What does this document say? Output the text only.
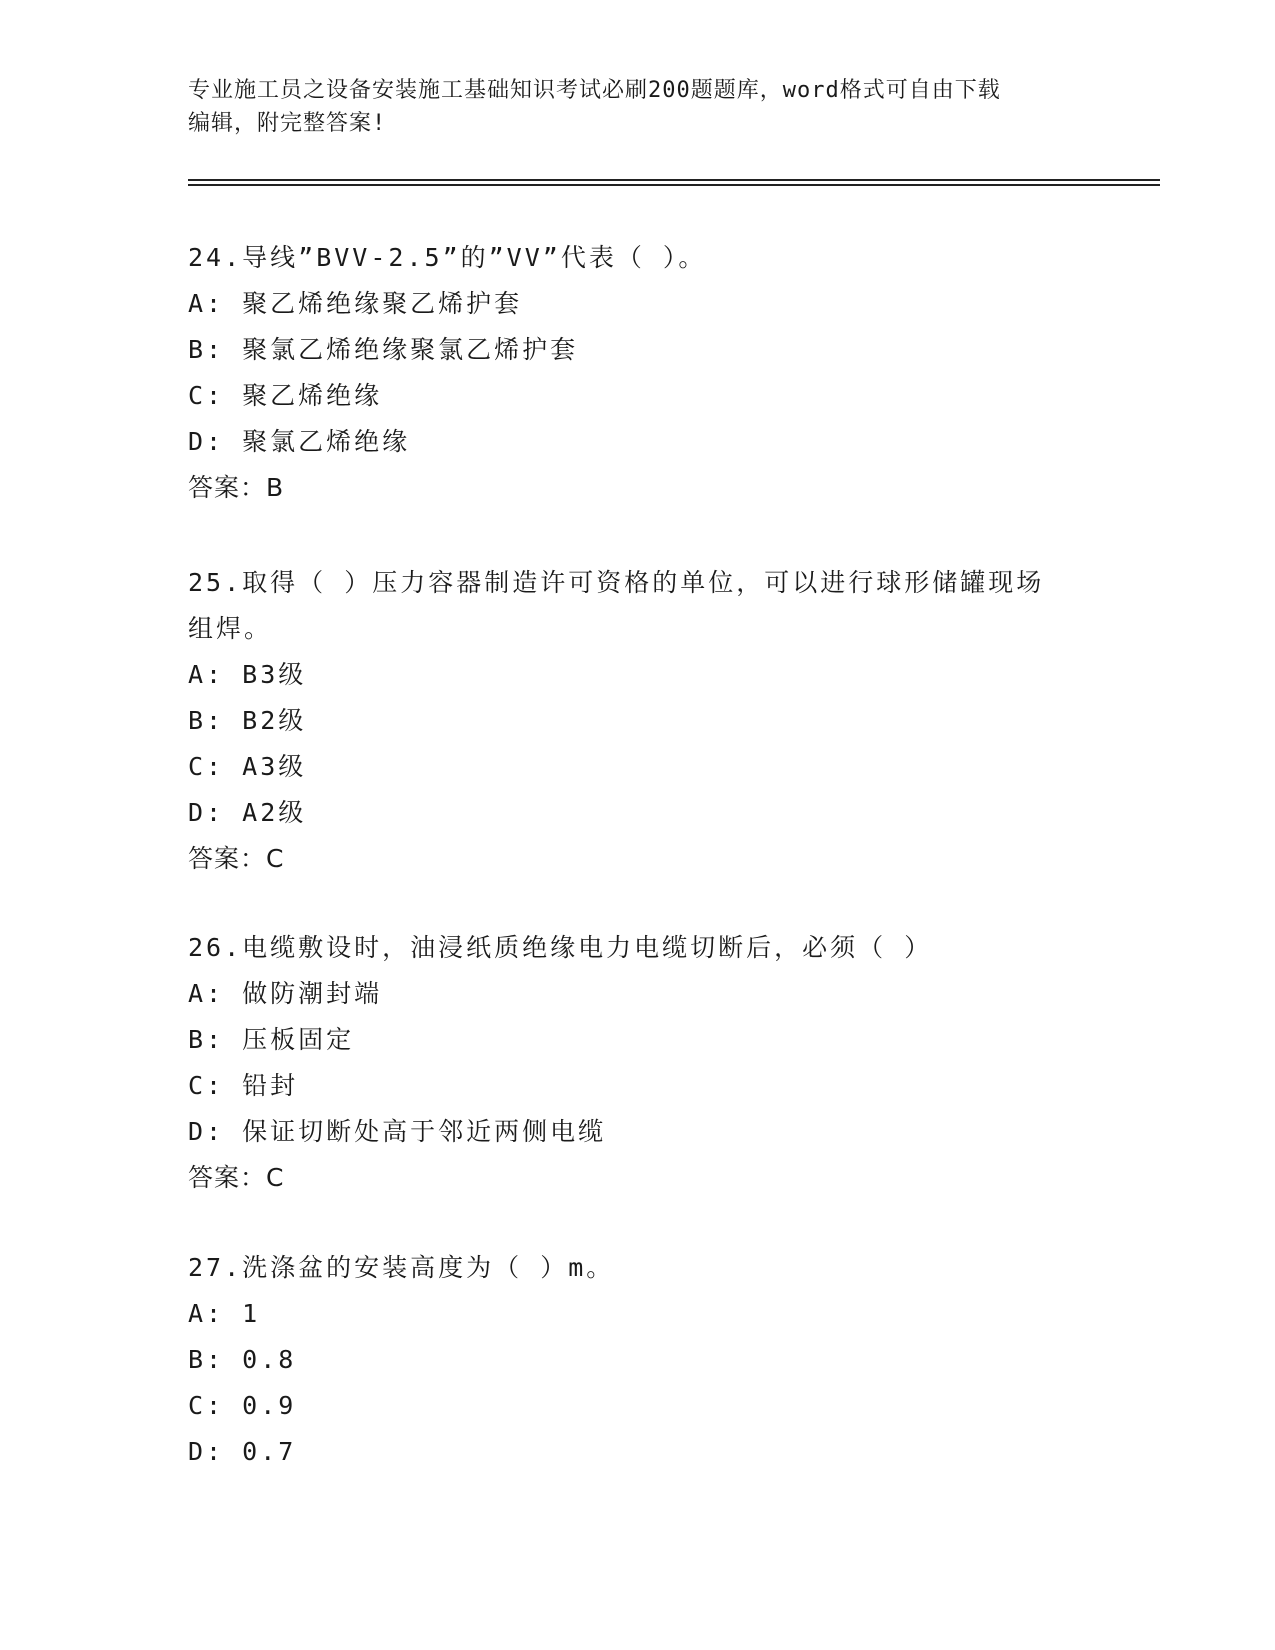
专业施工员之设备安装施工基础知识考试必刷200题题库，word格式可自由下载
编辑，附完整答案!
24.导线”BVV-2.5”的”VV”代表（ ）。
A: 聚乙烯绝缘聚乙烯护套
B: 聚氯乙烯绝缘聚氯乙烯护套
C: 聚乙烯绝缘
D: 聚氯乙烯绝缘
答案：B
25.取得（ ）压力容器制造许可资格的单位，可以进行球形储罐现场
组焊。
A: B3级
B: B2级
C: A3级
D: A2级
答案：C
26.电缆敷设时，油浸纸质绝缘电力电缆切断后，必须（ ）
A: 做防潮封端
B: 压板固定
C: 铅封
D: 保证切断处高于邻近两侧电缆
答案：C
27.洗涤盆的安装高度为（ ）m。
A: 1
B: 0.8
C: 0.9
D: 0.7
